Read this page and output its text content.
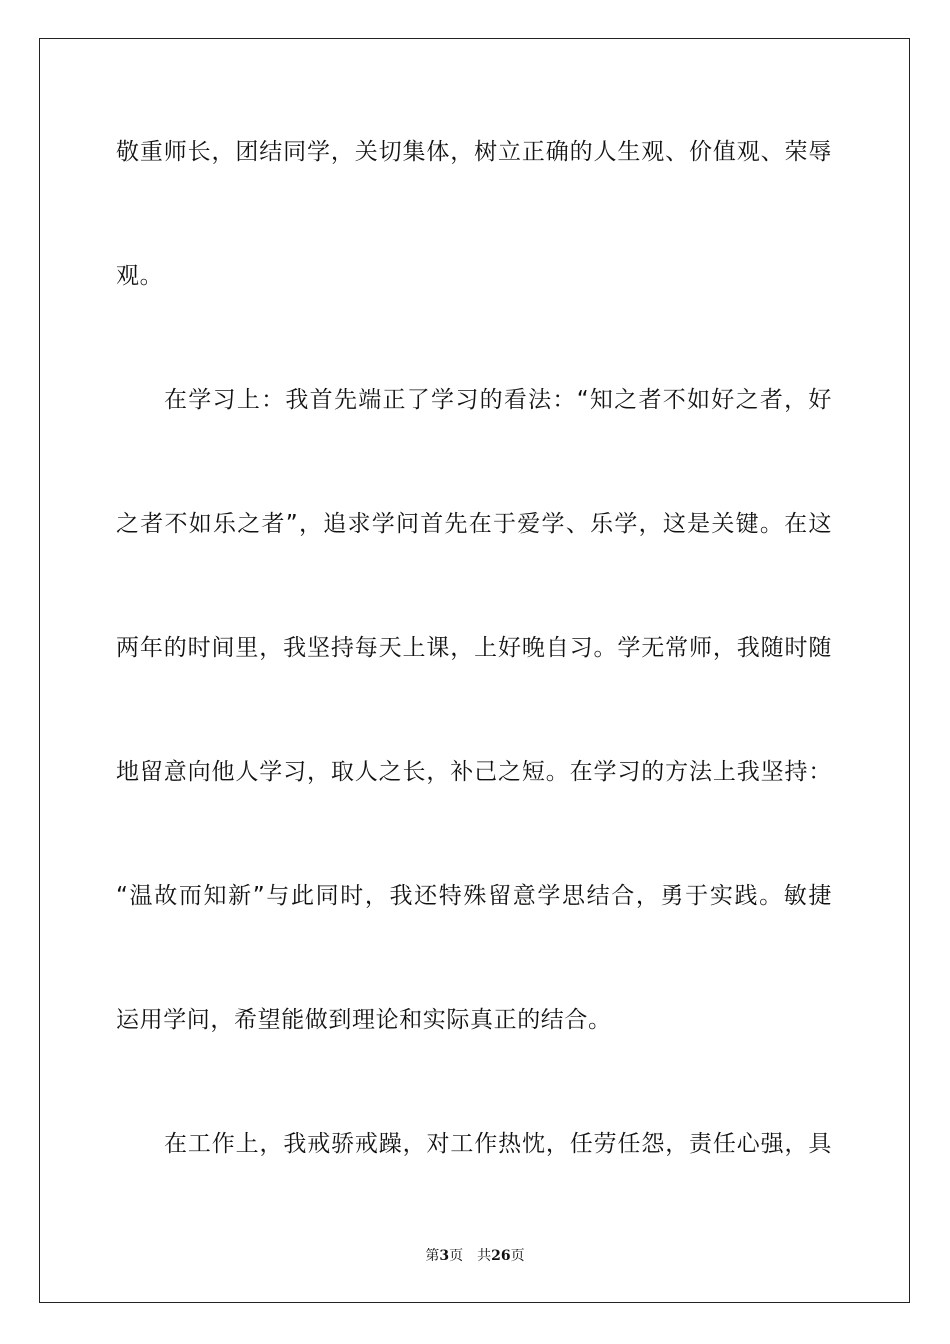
敬重师长，团结同学，关切集体，树立正确的人生观、价值观、荣辱
观。
在学习上：我首先端正了学习的看法：“知之者不如好之者，好
之者不如乐之者”，追求学问首先在于爱学、乐学，这是关键。在这
两年的时间里，我坚持每天上课，上好晚自习。学无常师，我随时随
地留意向他人学习，取人之长，补己之短。在学习的方法上我坚持：
“温故而知新”与此同时，我还特殊留意学思结合，勇于实践。敏捷
运用学问，希望能做到理论和实际真正的结合。
在工作上，我戒骄戒躁，对工作热忱，任劳任怨，责任心强，具
第3页 共26页
